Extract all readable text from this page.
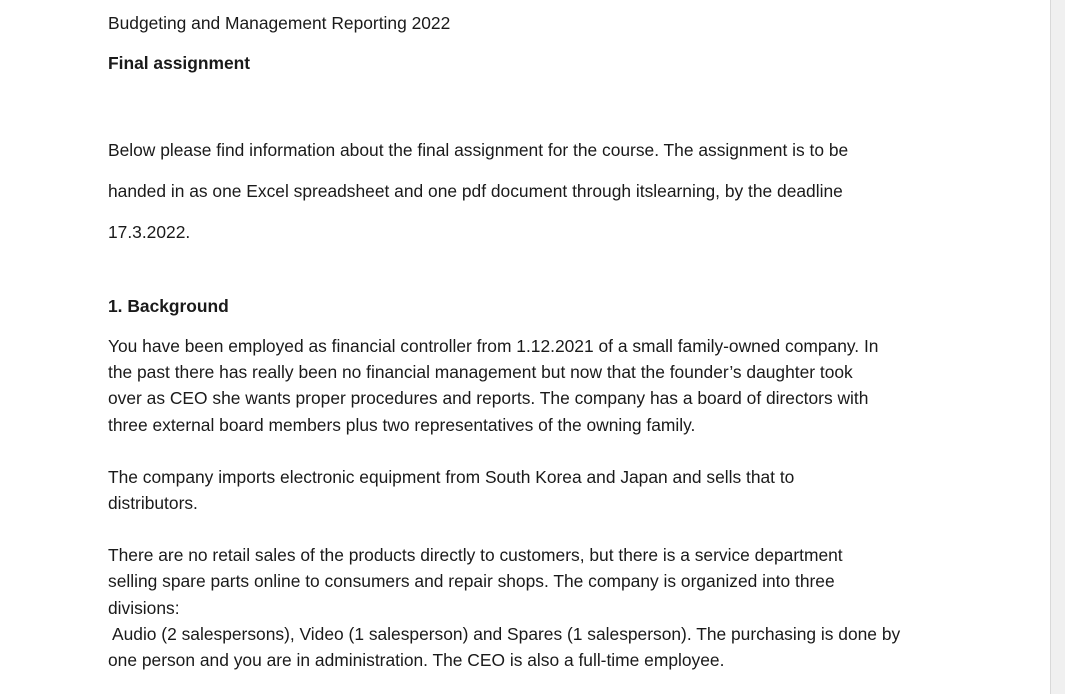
Budgeting and Management Reporting 2022

Final assignment

Below please find information about the final assignment for the course. The assignment is to be

handed in as one Excel spreadsheet and one pdf document through itslearning, by the deadline

17.3.2022.

1. Background

You have been employed as financial controller from 1.12.2021 of a small family-owned company. In

the past there has really been no financial management but now that the founder’s daughter took

over as CEO she wants proper procedures and reports. The company has a board of directors with

three external board members plus two representatives of the owning family.

The company imports electronic equipment from South Korea and Japan and sells that to

distributors.

There are no retail sales of the products directly to customers, but there is a service department

selling spare parts online to consumers and repair shops. The company is organized into three

divisions:

Audio (2 salespersons), Video (1 salesperson) and Spares (1 salesperson). The purchasing is done by

one person and you are in administration. The CEO is also a full-time employee.
